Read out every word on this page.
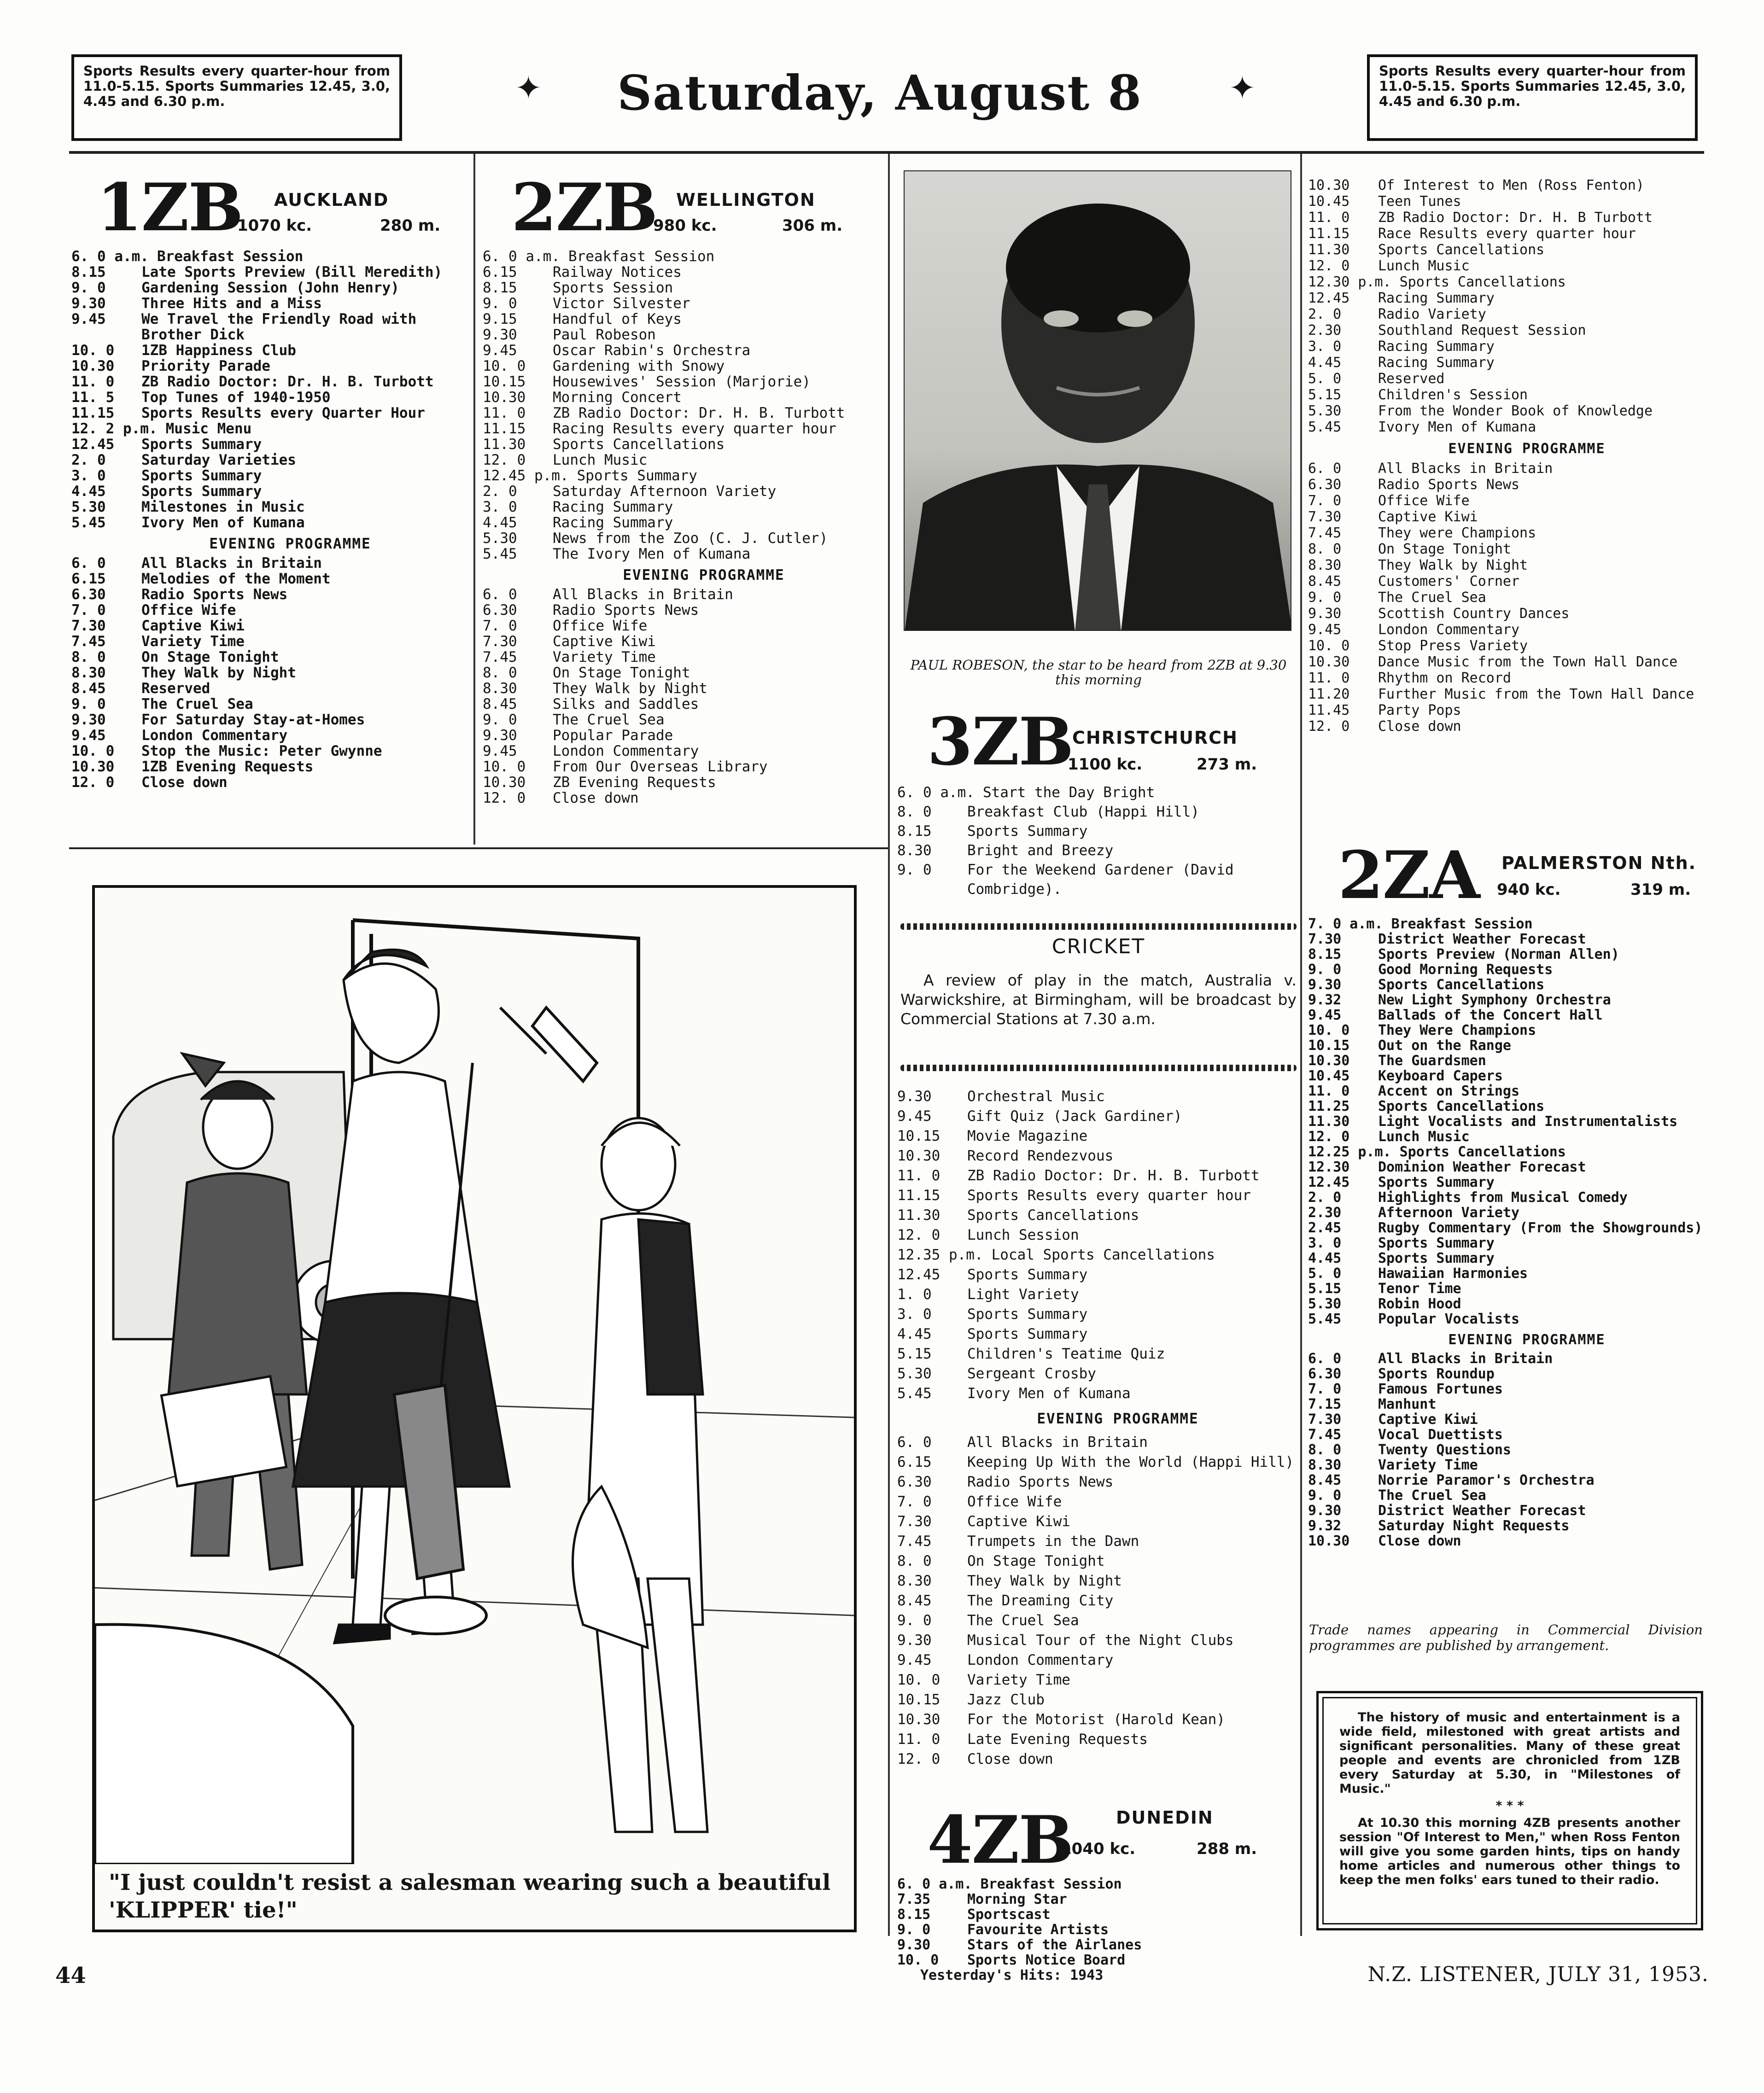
Sports Results every quarter-hour from 11.0-5.15. Sports Summaries 12.45, 3.0, 4.45 and 6.30 p.m.	✦	Saturday, August 8	✦	Sports Results every quarter-hour from 11.0-5.15. Sports Summaries 12.45, 3.0, 4.45 and 6.30 p.m.
1ZB AUCKLAND
1070 kc.	280 m.
6. 0 a.m. Breakfast Session
8.15	Late Sports Preview (Bill Meredith)
9. 0	Gardening Session (John Henry)
9.30	Three Hits and a Miss
9.45	We Travel the Friendly Road with Brother Dick
10. 0	1ZB Happiness Club
10.30	Priority Parade
11. 0	ZB Radio Doctor: Dr. H. B. Turbott
11. 5	Top Tunes of 1940-1950
11.15	Sports Results every Quarter Hour
12. 2 p.m. Music Menu
12.45	Sports Summary
2. 0	Saturday Varieties
3. 0	Sports Summary
4.45	Sports Summary
5.30	Milestones in Music
5.45	Ivory Men of Kumana
EVENING PROGRAMME
6. 0	All Blacks in Britain
6.15	Melodies of the Moment
6.30	Radio Sports News
7. 0	Office Wife
7.30	Captive Kiwi
7.45	Variety Time
8. 0	On Stage Tonight
8.30	They Walk by Night
8.45	Reserved
9. 0	The Cruel Sea
9.30	For Saturday Stay-at-Homes
9.45	London Commentary
10. 0	Stop the Music: Peter Gwynne
10.30	1ZB Evening Requests
12. 0	Close down
2ZB WELLINGTON
980 kc.	306 m.
6. 0 a.m. Breakfast Session
6.15	Railway Notices
8.15	Sports Session
9. 0	Victor Silvester
9.15	Handful of Keys
9.30	Paul Robeson
9.45	Oscar Rabin's Orchestra
10. 0	Gardening with Snowy
10.15	Housewives' Session (Marjorie)
10.30	Morning Concert
11. 0	ZB Radio Doctor: Dr. H. B. Turbott
11.15	Racing Results every quarter hour
11.30	Sports Cancellations
12. 0	Lunch Music
12.45 p.m. Sports Summary
2. 0	Saturday Afternoon Variety
3. 0	Racing Summary
4.45	Racing Summary
5.30	News from the Zoo (C. J. Cutler)
5.45	The Ivory Men of Kumana
EVENING PROGRAMME
6. 0	All Blacks in Britain
6.30	Radio Sports News
7. 0	Office Wife
7.30	Captive Kiwi
7.45	Variety Time
8. 0	On Stage Tonight
8.30	They Walk by Night
8.45	Silks and Saddles
9. 0	The Cruel Sea
9.30	Popular Parade
9.45	London Commentary
10. 0	From Our Overseas Library
10.30	ZB Evening Requests
12. 0	Close down
"I just couldn't resist a salesman wearing such a beautiful 'KLIPPER' tie!"
PAUL ROBESON, the star to be heard from 2ZB at 9.30 this morning
3ZB
CHRISTCHURCH
1100 kc.	273 m.
6. 0 a.m. Start the Day Bright
8. 0	Breakfast Club (Happi Hill)
8.15	Sports Summary
8.30	Bright and Breezy
9. 0	For the Weekend Gardener (David Combridge).
CRICKET
A review of play in the match, Australia v. Warwickshire, at Birmingham, will be broadcast by Commercial Stations at 7.30 a.m.
9.30	Orchestral Music
9.45	Gift Quiz (Jack Gardiner)
10.15	Movie Magazine
10.30	Record Rendezvous
11. 0	ZB Radio Doctor: Dr. H. B. Turbott
11.15	Sports Results every quarter hour
11.30	Sports Cancellations
12. 0	Lunch Session
12.35 p.m. Local Sports Cancellations
12.45	Sports Summary
1. 0	Light Variety
3. 0	Sports Summary
4.45	Sports Summary
5.15	Children's Teatime Quiz
5.30	Sergeant Crosby
5.45	Ivory Men of Kumana
EVENING PROGRAMME
6. 0	All Blacks in Britain
6.15	Keeping Up With the World (Happi Hill)
6.30	Radio Sports News
7. 0	Office Wife
7.30	Captive Kiwi
7.45	Trumpets in the Dawn
8. 0	On Stage Tonight
8.30	They Walk by Night
8.45	The Dreaming City
9. 0	The Cruel Sea
9.30	Musical Tour of the Night Clubs
9.45	London Commentary
10. 0	Variety Time
10.15	Jazz Club
10.30	For the Motorist (Harold Kean)
11. 0	Late Evening Requests
12. 0	Close down
4ZB DUNEDIN
1040 kc.	288 m.
6. 0 a.m. Breakfast Session
7.35	Morning Star
8.15	Sportscast
9. 0	Favourite Artists
9.30	Stars of the Airlanes
10. 0	Sports Notice Board
Yesterday's Hits: 1943
10.30	Of Interest to Men (Ross Fenton)
10.45	Teen Tunes
11. 0	ZB Radio Doctor: Dr. H. B Turbott
11.15	Race Results every quarter hour
11.30	Sports Cancellations
12. 0	Lunch Music
12.30 p.m. Sports Cancellations
12.45	Racing Summary
2. 0	Radio Variety
2.30	Southland Request Session
3. 0	Racing Summary
4.45	Racing Summary
5. 0	Reserved
5.15	Children's Session
5.30	From the Wonder Book of Knowledge
5.45	Ivory Men of Kumana
EVENING PROGRAMME
6. 0	All Blacks in Britain
6.30	Radio Sports News
7. 0	Office Wife
7.30	Captive Kiwi
7.45	They were Champions
8. 0	On Stage Tonight
8.30	They Walk by Night
8.45	Customers' Corner
9. 0	The Cruel Sea
9.30	Scottish Country Dances
9.45	London Commentary
10. 0	Stop Press Variety
10.30	Dance Music from the Town Hall Dance
11. 0	Rhythm on Record
11.20	Further Music from the Town Hall Dance
11.45	Party Pops
12. 0	Close down
2ZA PALMERSTON Nth.
940 kc.	319 m.
7. 0 a.m. Breakfast Session
7.30	District Weather Forecast
8.15	Sports Preview (Norman Allen)
9. 0	Good Morning Requests
9.30	Sports Cancellations
9.32	New Light Symphony Orchestra
9.45	Ballads of the Concert Hall
10. 0	They Were Champions
10.15	Out on the Range
10.30	The Guardsmen
10.45	Keyboard Capers
11. 0	Accent on Strings
11.25	Sports Cancellations
11.30	Light Vocalists and Instrumentalists
12. 0	Lunch Music
12.25 p.m. Sports Cancellations
12.30	Dominion Weather Forecast
12.45	Sports Summary
2. 0	Highlights from Musical Comedy
2.30	Afternoon Variety
2.45	Rugby Commentary (From the Showgrounds)
3. 0	Sports Summary
4.45	Sports Summary
5. 0	Hawaiian Harmonies
5.15	Tenor Time
5.30	Robin Hood
5.45	Popular Vocalists
EVENING PROGRAMME
6. 0	All Blacks in Britain
6.30	Sports Roundup
7. 0	Famous Fortunes
7.15	Manhunt
7.30	Captive Kiwi
7.45	Vocal Duettists
8. 0	Twenty Questions
8.30	Variety Time
8.45	Norrie Paramor's Orchestra
9. 0	The Cruel Sea
9.30	District Weather Forecast
9.32	Saturday Night Requests
10.30	Close down
Trade names appearing in Commercial Division programmes are published by arrangement.

The history of music and entertainment is a wide field, milestoned with great artists and significant personalities. Many of these great people and events are chronicled from 1ZB every Saturday at 5.30, in "Milestones of Music."

* * *

At 10.30 this morning 4ZB presents another session "Of Interest to Men," when Ross Fenton will give you some garden hints, tips on handy home articles and numerous other things to keep the men folks' ears tuned to their radio.

44	N.Z. LISTENER, JULY 31, 1953.
